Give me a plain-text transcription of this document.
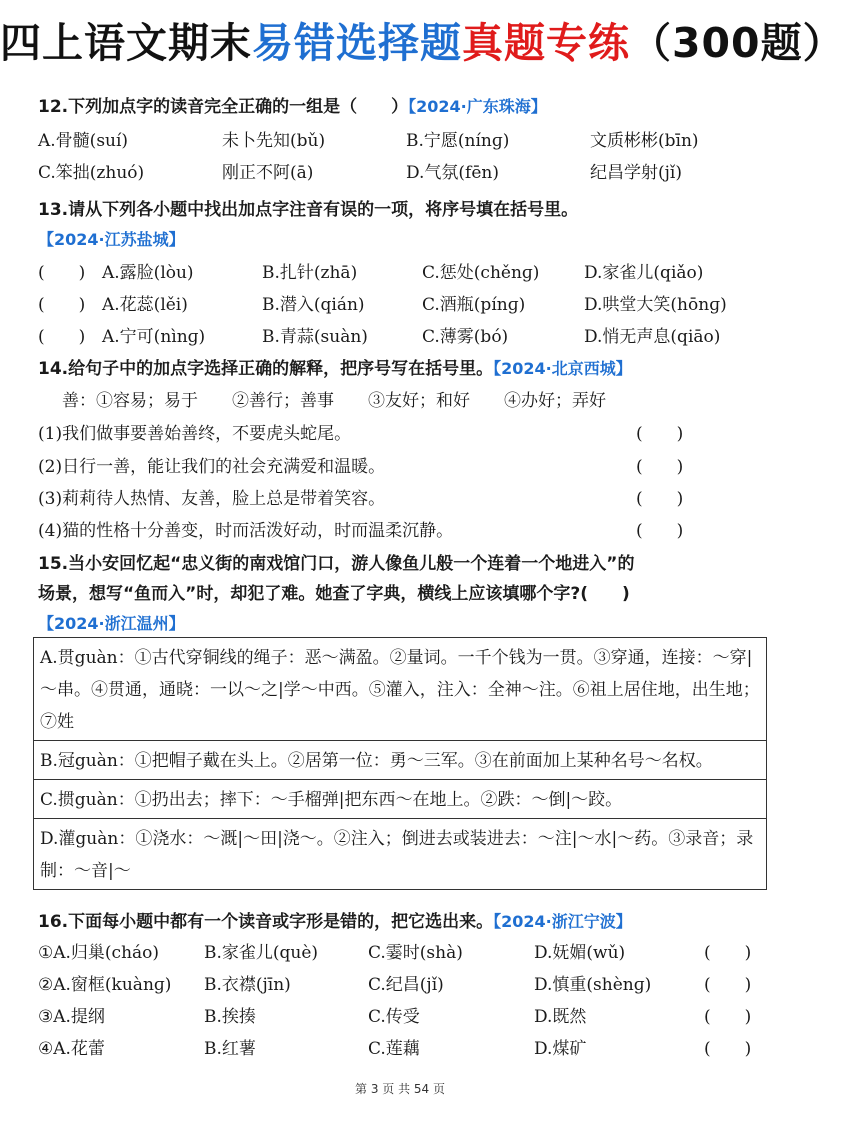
四上语文期末易错选择题真题专练（300题）
12.下列加点字的读音完全正确的一组是（　　）【2024·广东珠海】
A.骨髓(suí)	未卜先知(bǔ)	B.宁愿(nínɡ)	文质彬彬(bīn)
C.笨拙(zhuó)	刚正不阿(ā)	D.气氛(fēn)	纪昌学射(jǐ)
13.请从下列各小题中找出加点字注音有误的一项，将序号填在括号里。
【2024·江苏盐城】
(　　) A.露脸(lòu)	B.扎针(zhā)	C.惩处(chěnɡ)	D.家雀儿(qiǎo)
(　　) A.花蕊(lěi)	B.潜入(qián)	C.酒瓶(pínɡ)	D.哄堂大笑(hōnɡ)
(　　) A.宁可(nìnɡ)	B.青蒜(suàn)	C.薄雾(bó)	D.悄无声息(qiāo)
14.给句子中的加点字选择正确的解释，把序号写在括号里。【2024·北京西城】
善：①容易；易于　　②善行；善事　　③友好；和好　　④办好；弄好
(1)我们做事要善始善终，不要虎头蛇尾。	(　　)
(2)日行一善，能让我们的社会充满爱和温暖。	(　　)
(3)莉莉待人热情、友善，脸上总是带着笑容。	(　　)
(4)猫的性格十分善变，时而活泼好动，时而温柔沉静。	(　　)
15.当小安回忆起“忠义街的南戏馆门口，游人像鱼儿般一个连着一个地进入”的
场景，想写“鱼而入”时，却犯了难。她查了字典，横线上应该填哪个字?(　　)
【2024·浙江温州】
A.贯guàn：①古代穿铜线的绳子：恶～满盈。②量词。一千个钱为一贯。③穿通，连接：～穿|～串。④贯通，通晓：一以～之|学～中西。⑤灌入，注入：全神～注。⑥祖上居住地，出生地；⑦姓
B.冠guàn：①把帽子戴在头上。②居第一位：勇～三军。③在前面加上某种名号～名权。
C.掼guàn：①扔出去；摔下：～手榴弹|把东西～在地上。②跌：～倒|～跤。
D.灌guàn：①浇水：～溉|～田|浇～。②注入；倒进去或装进去：～注|～水|～药。③录音；录制：～音|～
16.下面每小题中都有一个读音或字形是错的，把它选出来。【2024·浙江宁波】
①A.归巢(cháo)	B.家雀儿(què)	C.霎时(shà)	D.妩媚(wǔ)	(　　)
②A.窗框(kuànɡ) B.衣襟(jīn)	C.纪昌(jǐ)	D.慎重(shènɡ)	(　　)
③A.提纲	B.挨揍	C.传受	D.既然	(　　)
④A.花蕾	B.红薯	C.莲藕	D.煤矿	(　　)
第 3 页 共 54 页
